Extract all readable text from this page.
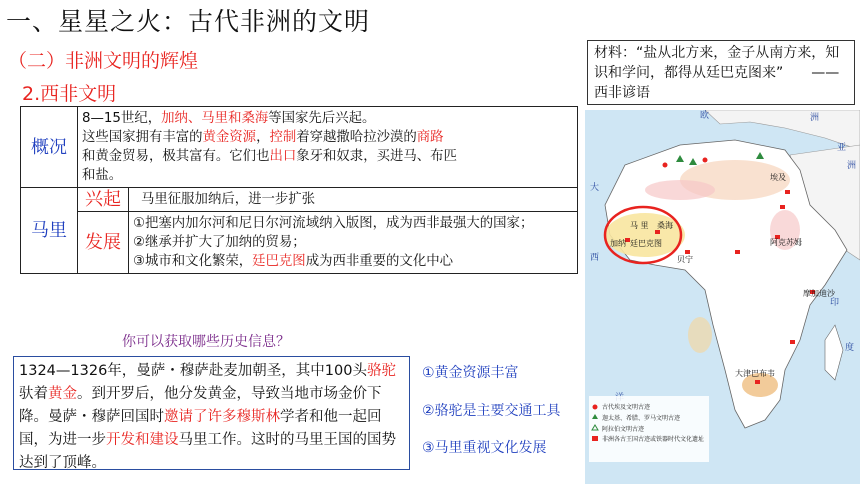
一、星星之火：古代非洲的文明
（二）非洲文明的辉煌
2.西非文明
概况	8—15世纪，加纳、马里和桑海等国家先后兴起。
这些国家拥有丰富的黄金资源，控制着穿越撒哈拉沙漠的商路
和黄金贸易，极其富有。它们也出口象牙和奴隶，买进马、布匹
和盐。	
马里	兴起	马里征服加纳后，进一步扩张
	发展	①把塞内加尔河和尼日尔河流域纳入版图，成为西非最强大的国家；
②继承并扩大了加纳的贸易；
③城市和文化繁荣，廷巴克图成为西非重要的文化中心
你可以获取哪些历史信息？
1324—1326年，曼萨・穆萨赴麦加朝圣，其中100头骆驼驮着黄金。到开罗后，他分发黄金，导致当地市场金价下降。曼萨・穆萨回国时邀请了许多穆斯林学者和他一起回国，为进一步开发和建设马里工作。这时的马里王国的国势达到了顶峰。
①黄金资源丰富
②骆驼是主要交通工具
③马里重视文化发展
材料：“盐从北方来，金子从南方来，知识和学问，都得从廷巴克图来” ——西非谚语
欧	洲
亚
洲
大
西
印
度
马 里 桑海
加纳 廷巴克图
贝宁
埃及
阿克苏姆
摩加迪沙
大津巴布韦
古代埃及文明古迹
迦太基、希腊、罗马文明古迹
阿拉伯文明古迹
非洲各古王国古迹或铁器时代文化遗址
